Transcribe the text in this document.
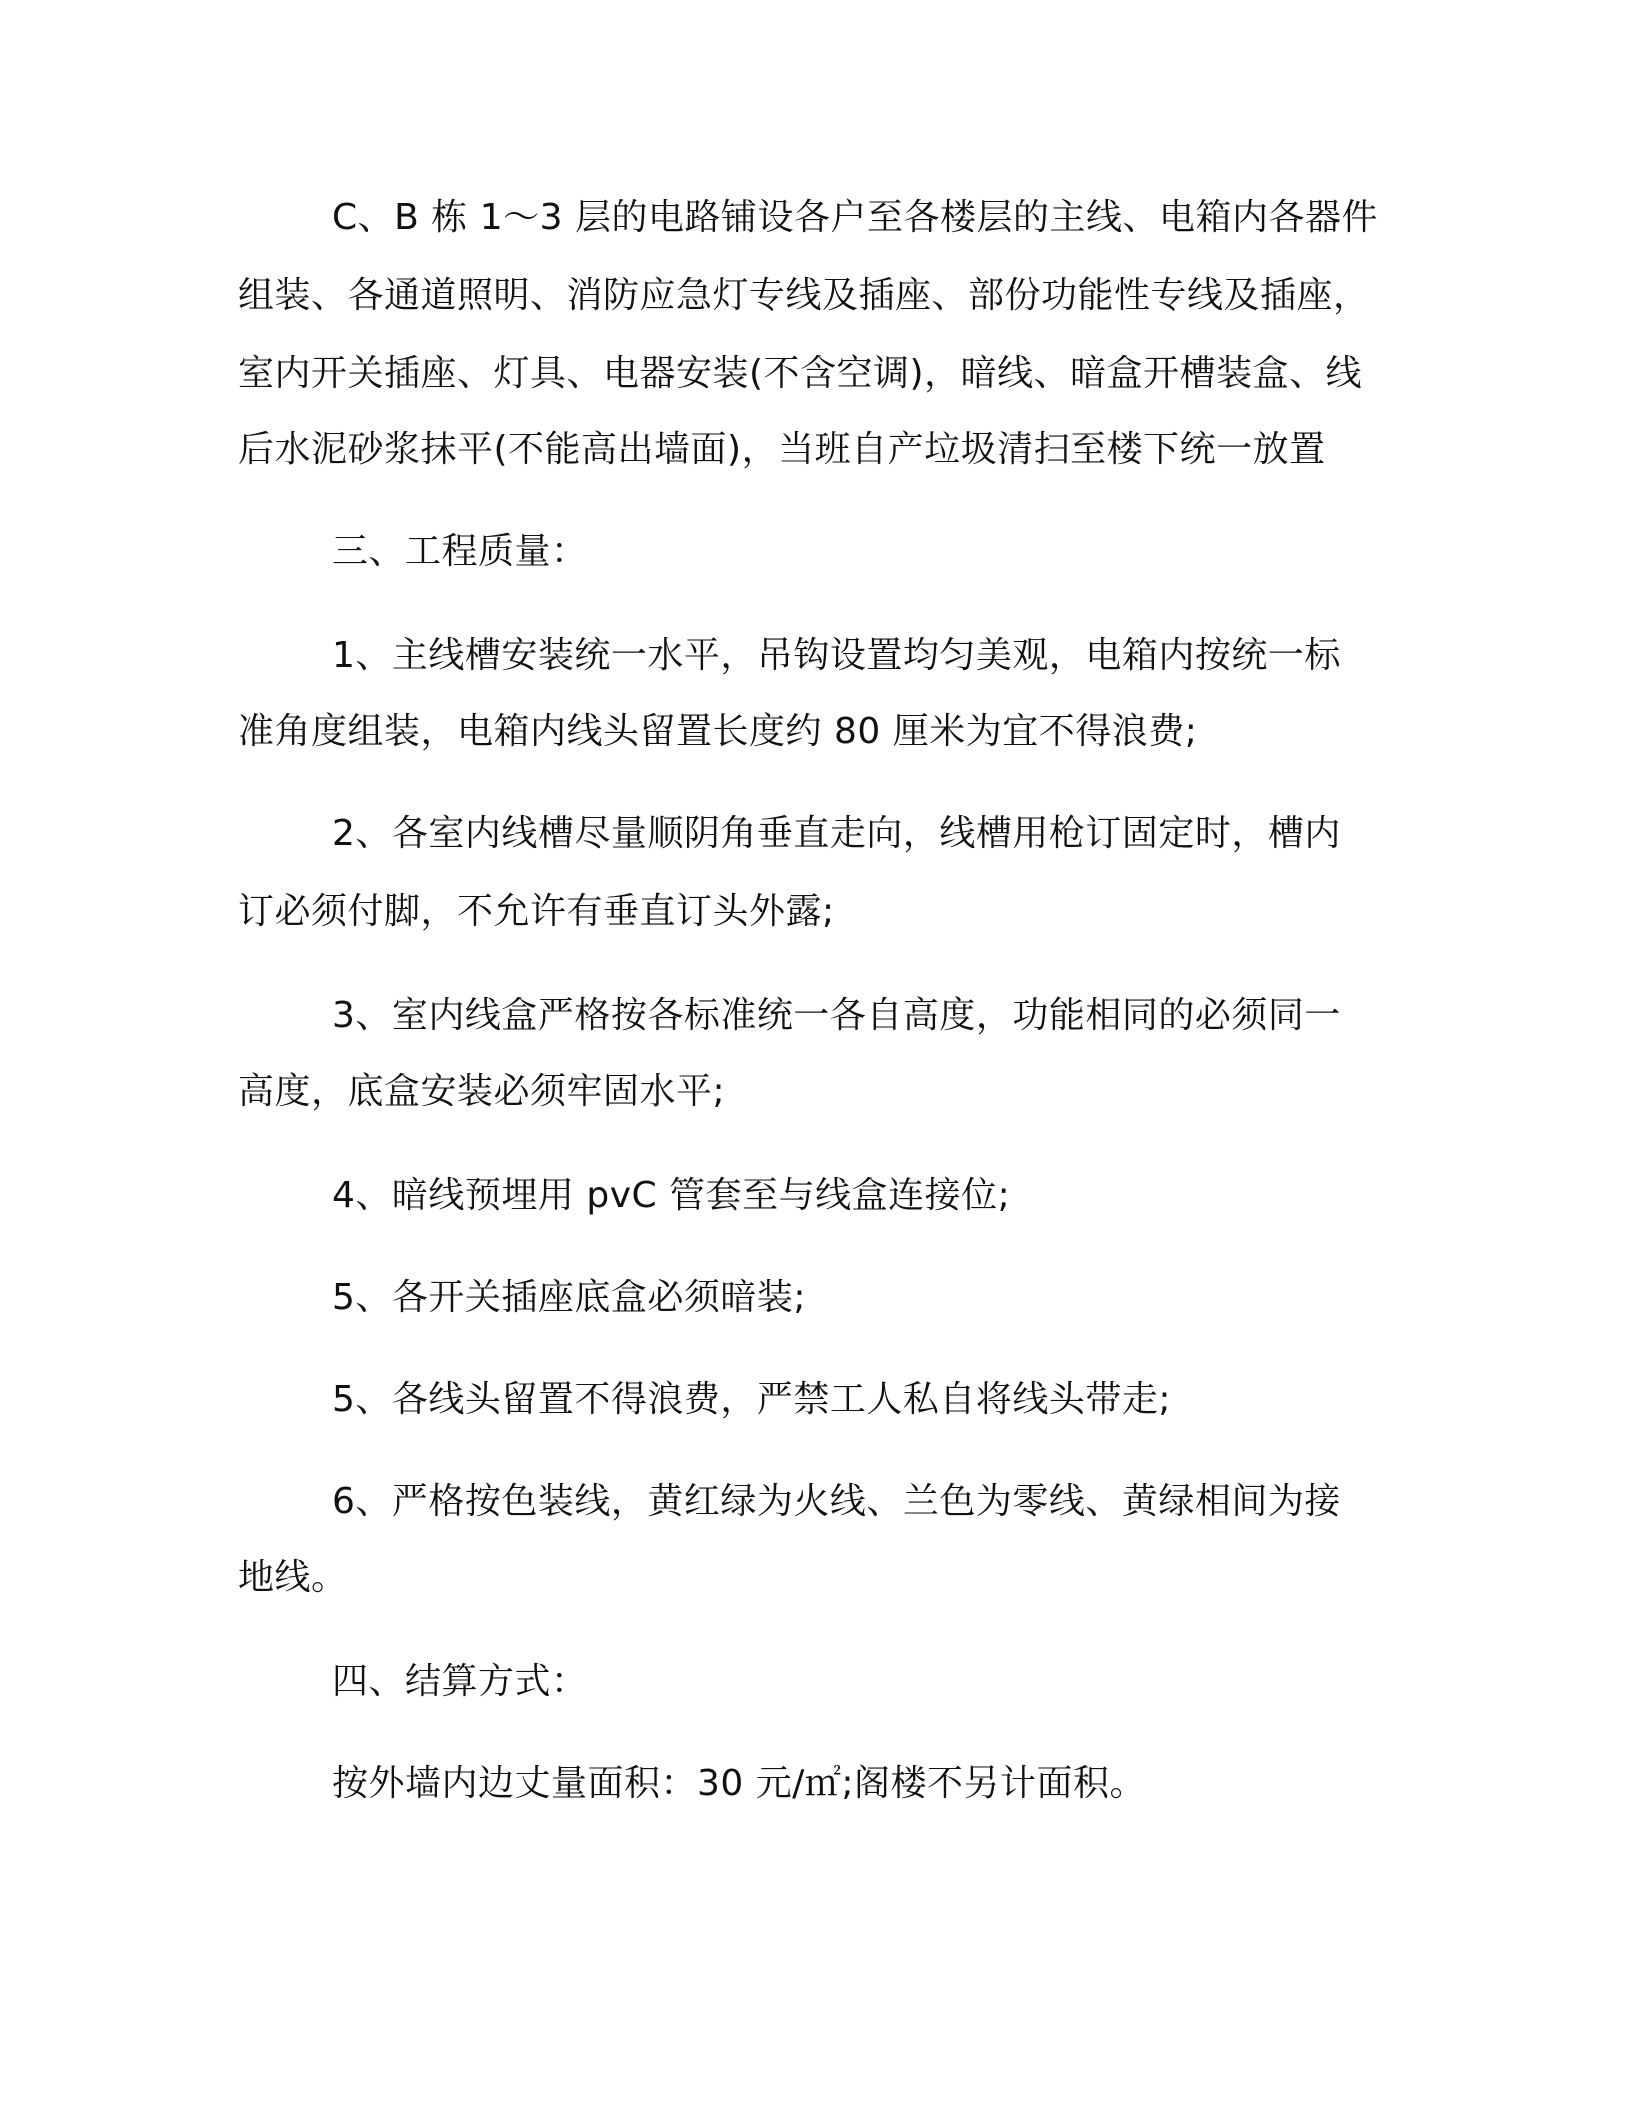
C、B 栋 1～3 层的电路铺设各户至各楼层的主线、电箱内各器件

组装、各通道照明、消防应急灯专线及插座、部份功能性专线及插座，

室内开关插座、灯具、电器安装(不含空调)，暗线、暗盒开槽装盒、线

后水泥砂浆抹平(不能高出墙面)，当班自产垃圾清扫至楼下统一放置

三、工程质量：

1、主线槽安装统一水平，吊钩设置均匀美观，电箱内按统一标

准角度组装，电箱内线头留置长度约 80 厘米为宜不得浪费;

2、各室内线槽尽量顺阴角垂直走向，线槽用枪订固定时，槽内

订必须付脚，不允许有垂直订头外露;

3、室内线盒严格按各标准统一各自高度，功能相同的必须同一

高度，底盒安装必须牢固水平;

4、暗线预埋用 pvC 管套至与线盒连接位;

5、各开关插座底盒必须暗装;

5、各线头留置不得浪费，严禁工人私自将线头带走;

6、严格按色装线，黄红绿为火线、兰色为零线、黄绿相间为接

地线。

四、结算方式：

按外墙内边丈量面积：30 元/㎡;阁楼不另计面积。
